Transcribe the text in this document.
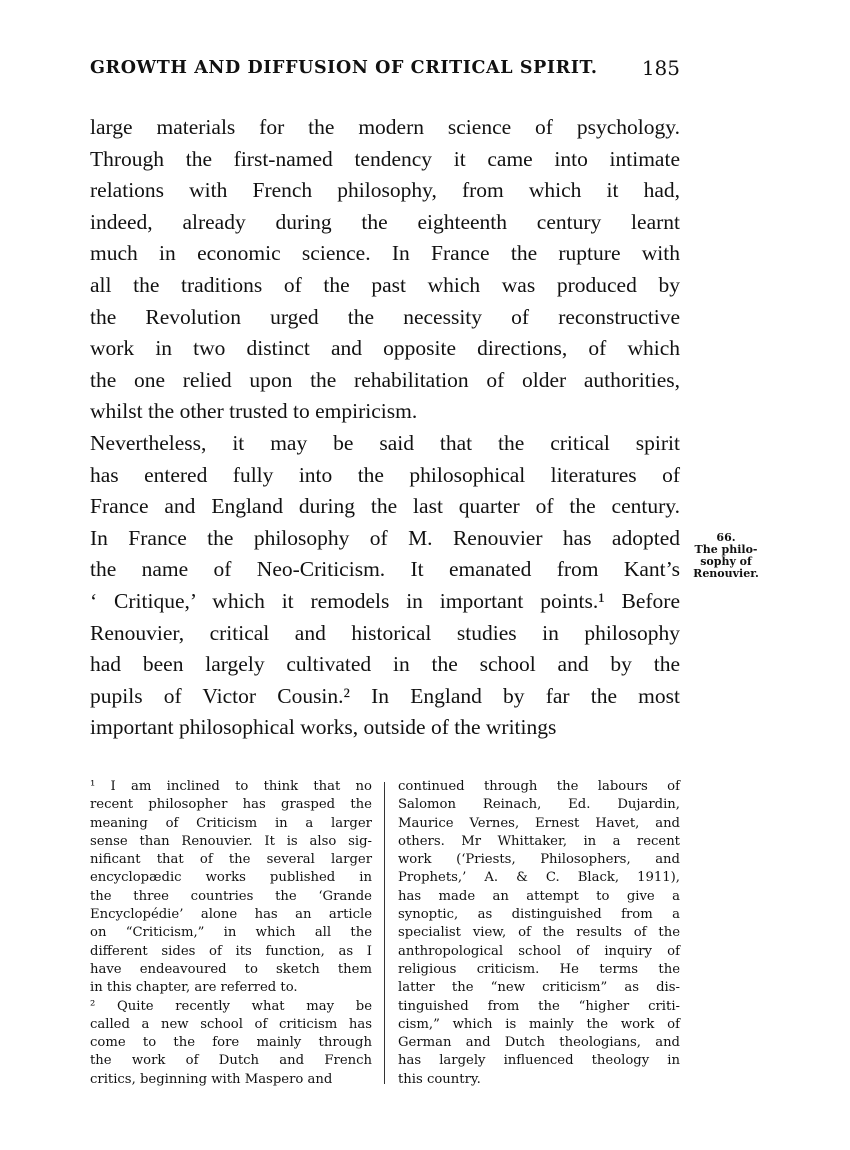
GROWTH AND DIFFUSION OF CRITICAL SPIRIT. 185
large materials for the modern science of psychology.
Through the first-named tendency it came into intimate
relations with French philosophy, from which it had,
indeed, already during the eighteenth century learnt
much in economic science. In France the rupture with
all the traditions of the past which was produced by
the Revolution urged the necessity of reconstructive
work in two distinct and opposite directions, of which
the one relied upon the rehabilitation of older authorities,
whilst the other trusted to empiricism.
Nevertheless, it may be said that the critical spirit
has entered fully into the philosophical literatures of
France and England during the last quarter of the century.
In France the philosophy of M. Renouvier has adopted
the name of Neo-Criticism. It emanated from Kant’s
‘ Critique,’ which it remodels in important points.¹ Before
Renouvier, critical and historical studies in philosophy
had been largely cultivated in the school and by the
pupils of Victor Cousin.² In England by far the most
important philosophical works, outside of the writings
66.
The philo-
sophy of
Renouvier.
¹ I am inclined to think that no
recent philosopher has grasped the
meaning of Criticism in a larger
sense than Renouvier. It is also sig-
nificant that of the several larger
encyclopædic works published in
the three countries the ‘Grande
Encyclopédie’ alone has an article
on “Criticism,” in which all the
different sides of its function, as I
have endeavoured to sketch them
in this chapter, are referred to.
² Quite recently what may be
called a new school of criticism has
come to the fore mainly through
the work of Dutch and French
critics, beginning with Maspero and
continued through the labours of
Salomon Reinach, Ed. Dujardin,
Maurice Vernes, Ernest Havet, and
others. Mr Whittaker, in a recent
work (‘Priests, Philosophers, and
Prophets,’ A. & C. Black, 1911),
has made an attempt to give a
synoptic, as distinguished from a
specialist view, of the results of the
anthropological school of inquiry of
religious criticism. He terms the
latter the “new criticism” as dis-
tinguished from the “higher criti-
cism,” which is mainly the work of
German and Dutch theologians, and
has largely influenced theology in
this country.
